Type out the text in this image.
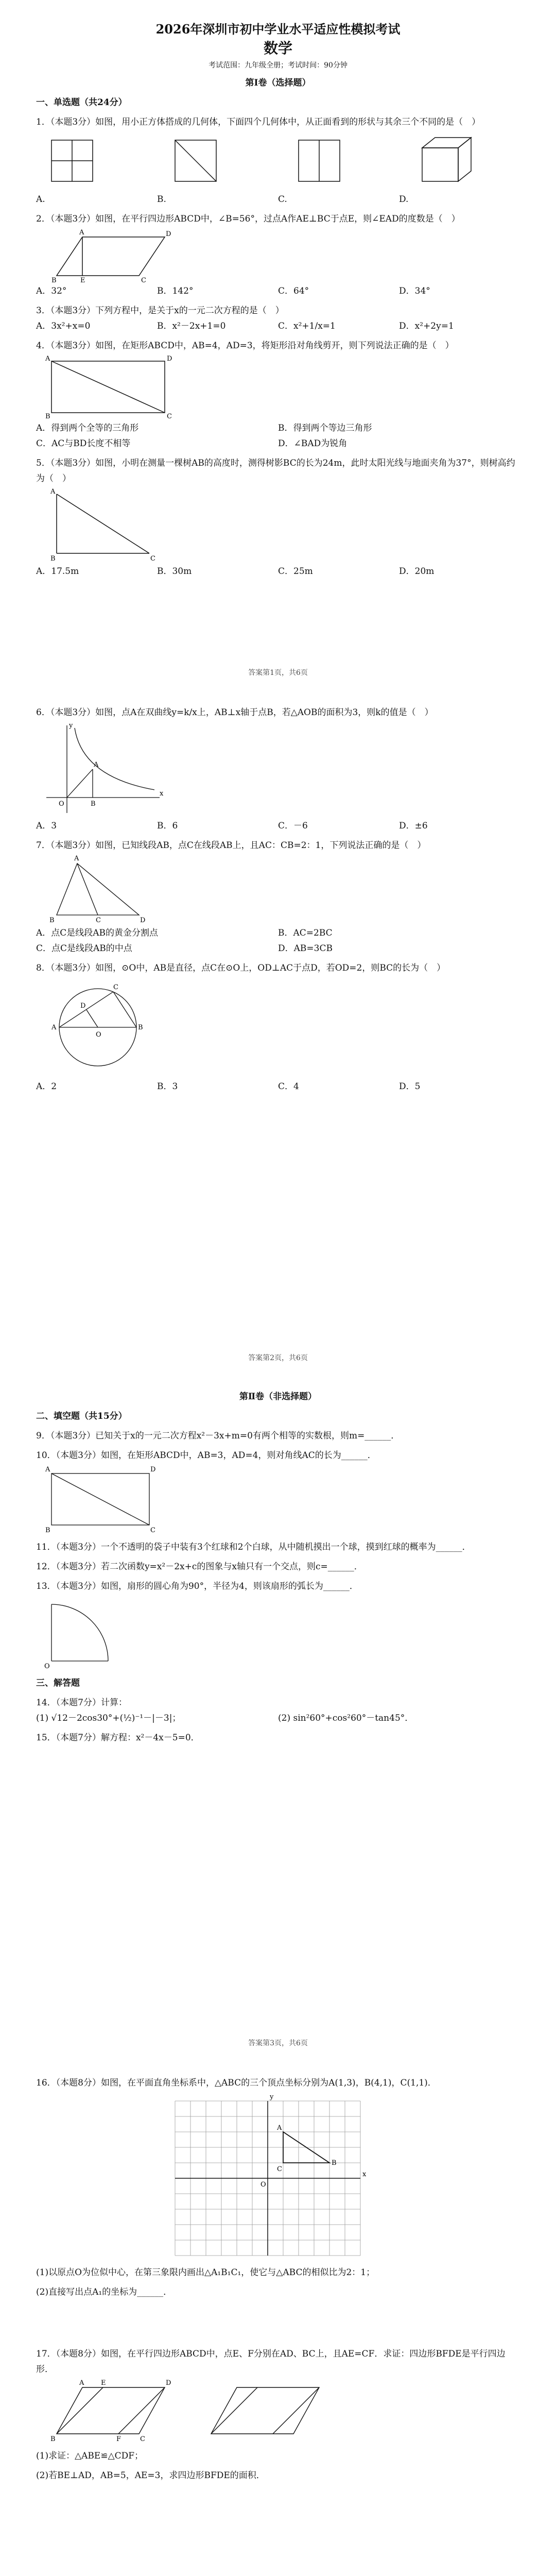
2026年深圳市初中学业水平适应性模拟考试
数学
考试范围：九年级全册；考试时间：90分钟
第Ⅰ卷（选择题）
一、单选题（共24分）
1．（本题3分）如图，用小正方体搭成的几何体，下面四个几何体中，从正面看到的形状与其余三个不同的是（　）
A.	B.	C.	D.
2．（本题3分）如图，在平行四边形ABCD中，∠B=56°，过点A作AE⊥BC于点E，则∠EAD的度数是（　）
B	E	C
A	D
A．32°	B．142°	C．64°	D．34°
3．（本题3分）下列方程中，是关于x的一元二次方程的是（　）
A．3x²+x=0	B．x²－2x+1=0	C．x²+1/x=1	D．x²+2y=1
4．（本题3分）如图，在矩形ABCD中，AB=4，AD=3，将矩形沿对角线剪开，则下列说法正确的是（　）
A	D
B	C
A．得到两个全等的三角形	B．得到两个等边三角形
C．AC与BD长度不相等	D．∠BAD为锐角
5．（本题3分）如图，小明在测量一棵树AB的高度时，测得树影BC的长为24m，此时太阳光线与地面夹角为37°，则树高约为（　）
A
B	C
A．17.5m	B．30m	C．25m	D．20m
答案第1页，共6页
6．（本题3分）如图，点A在双曲线y=k/x上，AB⊥x轴于点B，若△AOB的面积为3，则k的值是（　）
A
B
O
x
y
A．3	B．6	C．－6	D．±6
7．（本题3分）如图，已知线段AB，点C在线段AB上，且AC：CB=2：1，下列说法正确的是（　）
A
B	C	D
A．点C是线段AB的黄金分割点	B．AC=2BC
C．点C是线段AB的中点	D．AB=3CB
8．（本题3分）如图，⊙O中，AB是直径，点C在⊙O上，OD⊥AC于点D，若OD=2，则BC的长为（　）
A	B
C
D
O
A．2	B．3	C．4	D．5
答案第2页，共6页
第Ⅱ卷（非选择题）
二、填空题（共15分）
9．（本题3分）已知关于x的一元二次方程x²－3x+m=0有两个相等的实数根，则m=______．
10．（本题3分）如图，在矩形ABCD中，AB=3，AD=4，则对角线AC的长为______．
A	D
B	C
11．（本题3分）一个不透明的袋子中装有3个红球和2个白球，从中随机摸出一个球，摸到红球的概率为______．
12．（本题3分）若二次函数y=x²－2x+c的图象与x轴只有一个交点，则c=______．
13．（本题3分）如图，扇形的圆心角为90°，半径为4，则该扇形的弧长为______．
O
三、解答题
14．（本题7分）计算：
(1) √12－2cos30°+(½)⁻¹－|－3|；	(2) sin²60°+cos²60°－tan45°．
15．（本题7分）解方程：x²－4x－5=0．
答案第3页，共6页
16．（本题8分）如图，在平面直角坐标系中，△ABC的三个顶点坐标分别为A(1,3)，B(4,1)，C(1,1)．
A
B
C
O
x
y
(1)以原点O为位似中心，在第三象限内画出△A₁B₁C₁，使它与△ABC的相似比为2：1；
(2)直接写出点A₁的坐标为______．
17．（本题8分）如图，在平行四边形ABCD中，点E、F分别在AD、BC上，且AE=CF．求证：四边形BFDE是平行四边形．
A	E	D
B	F	C
(1)求证：△ABE≌△CDF；
(2)若BE⊥AD，AB=5，AE=3，求四边形BFDE的面积．
